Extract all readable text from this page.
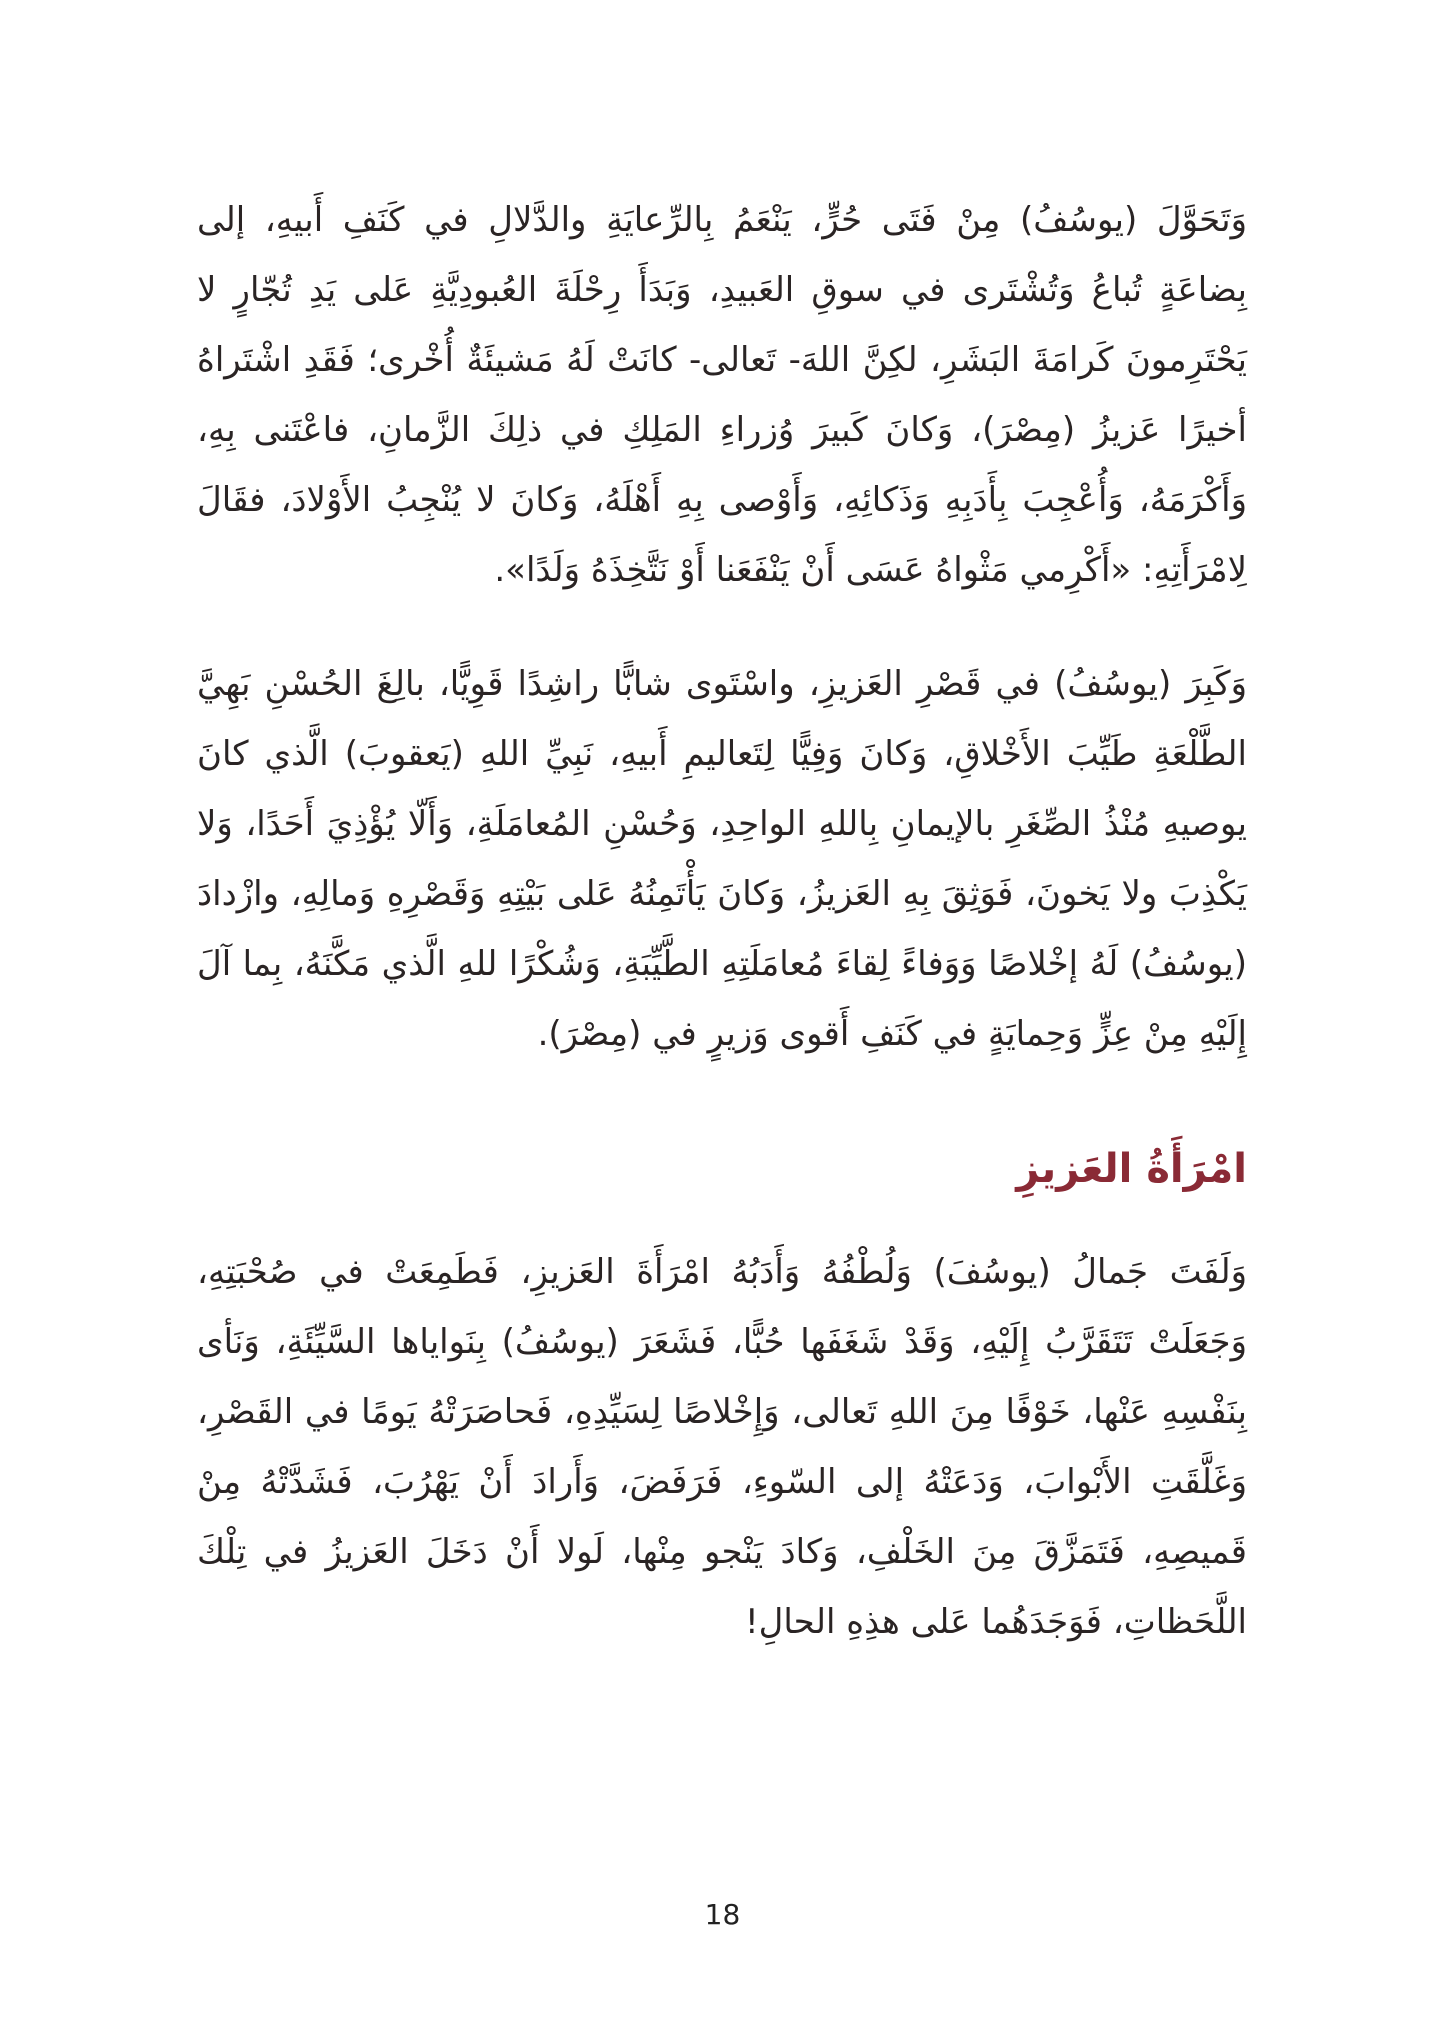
وَتَحَوَّلَ (يوسُفُ) مِنْ فَتَى حُرٍّ، يَنْعَمُ بِالرِّعايَةِ والدَّلالِ في كَنَفِ أَبيهِ، إلى بِضاعَةٍ تُباعُ وَتُشْتَرى في سوقِ العَبيدِ، وَبَدَأَ رِحْلَةَ العُبودِيَّةِ عَلى يَدِ تُجّارٍ لا يَحْتَرِمونَ كَرامَةَ البَشَرِ، لكِنَّ اللهَ- تَعالى- كانَتْ لَهُ مَشيئَةٌ أُخْرى؛ فَقَدِ اشْتَراهُ أخيرًا عَزيزُ (مِصْرَ)، وَكانَ كَبيرَ وُزراءِ المَلِكِ في ذلِكَ الزَّمانِ، فاعْتَنى بِهِ، وَأَكْرَمَهُ، وَأُعْجِبَ بِأَدَبِهِ وَذَكائِهِ، وَأَوْصى بِهِ أَهْلَهُ، وَكانَ لا يُنْجِبُ الأَوْلادَ، فقَالَ لِامْرَأَتِهِ: «أَكْرِمي مَثْواهُ عَسَى أَنْ يَنْفَعَنا أَوْ نَتَّخِذَهُ وَلَدًا».

وَكَبِرَ (يوسُفُ) في قَصْرِ العَزيزِ، واسْتَوى شابًّا راشِدًا قَوِيًّا، بالِغَ الحُسْنِ بَهِيَّ الطَّلْعَةِ طَيِّبَ الأَخْلاقِ، وَكانَ وَفِيًّا لِتَعاليمِ أَبيهِ، نَبِيِّ اللهِ (يَعقوبَ) الَّذي كانَ يوصيهِ مُنْذُ الصِّغَرِ بالإيمانِ بِاللهِ الواحِدِ، وَحُسْنِ المُعامَلَةِ، وَأَلّا يُؤْذِيَ أَحَدًا، وَلا يَكْذِبَ ولا يَخونَ، فَوَثِقَ بِهِ العَزيزُ، وَكانَ يَأْتَمِنُهُ عَلى بَيْتِهِ وَقَصْرِهِ وَمالِهِ، وازْدادَ (يوسُفُ) لَهُ إخْلاصًا وَوَفاءً لِقاءَ مُعامَلَتِهِ الطَّيِّبَةِ، وَشُكْرًا للهِ الَّذي مَكَّنَهُ، بِما آلَ إِلَيْهِ مِنْ عِزٍّ وَحِمايَةٍ في كَنَفِ أَقوى وَزيرٍ في (مِصْرَ).

امْرَأَةُ العَزيزِ

وَلَفَتَ جَمالُ (يوسُفَ) وَلُطْفُهُ وَأَدَبُهُ امْرَأَةَ العَزيزِ، فَطَمِعَتْ في صُحْبَتِهِ، وَجَعَلَتْ تَتَقَرَّبُ إِلَيْهِ، وَقَدْ شَغَفَها حُبًّا، فَشَعَرَ (يوسُفُ) بِنَواياها السَّيِّئَةِ، وَنَأى بِنَفْسِهِ عَنْها، خَوْفًا مِنَ اللهِ تَعالى، وَإِخْلاصًا لِسَيِّدِهِ، فَحاصَرَتْهُ يَومًا في القَصْرِ، وَغَلَّقَتِ الأَبْوابَ، وَدَعَتْهُ إلى السّوءِ، فَرَفَضَ، وَأَرادَ أَنْ يَهْرُبَ، فَشَدَّتْهُ مِنْ قَميصِهِ، فَتَمَزَّقَ مِنَ الخَلْفِ، وَكادَ يَنْجو مِنْها، لَولا أَنْ دَخَلَ العَزيزُ في تِلْكَ اللَّحَظاتِ، فَوَجَدَهُما عَلى هذِهِ الحالِ!

18
